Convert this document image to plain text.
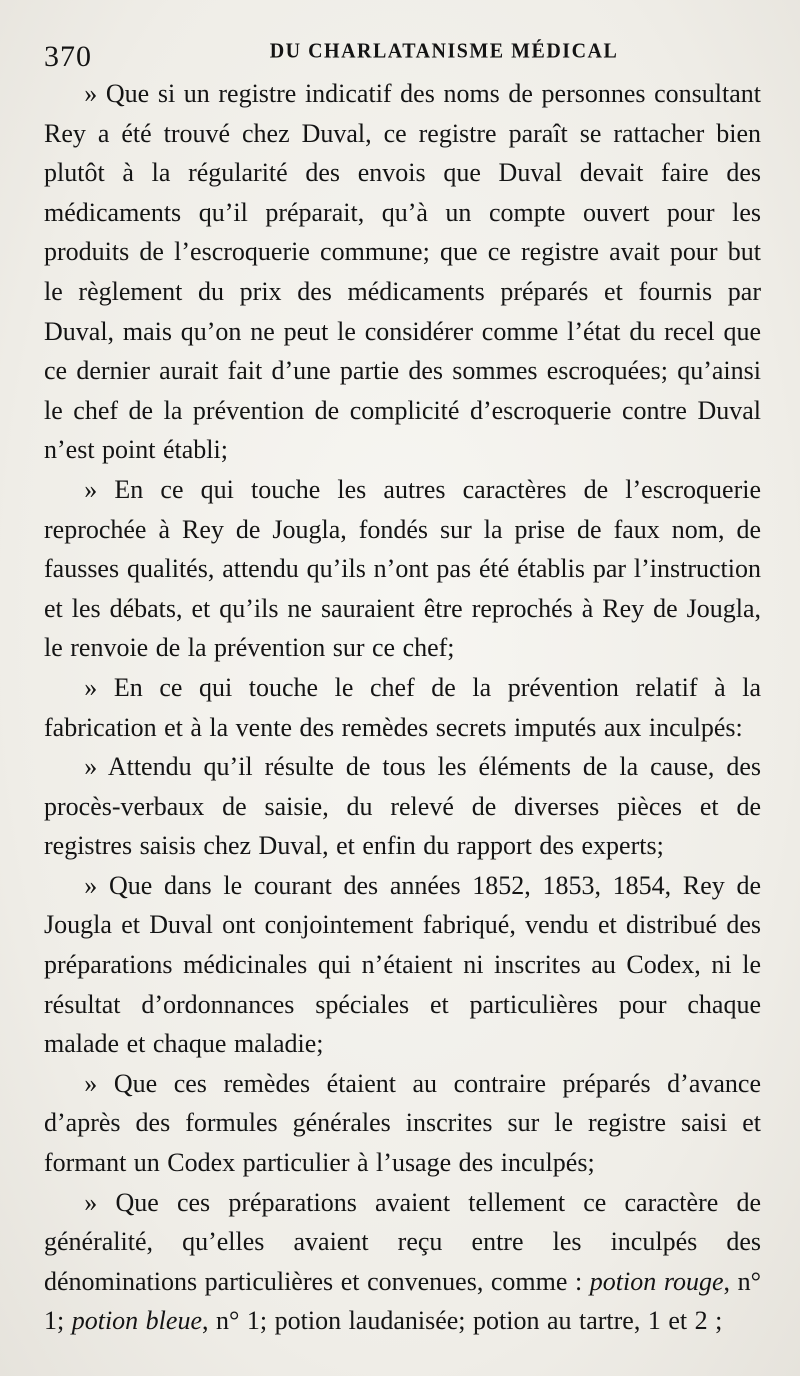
370	DU CHARLATANISME MÉDICAL

» Que si un registre indicatif des noms de personnes consultant Rey a été trouvé chez Duval, ce registre paraît se rattacher bien plutôt à la régularité des envois que Duval devait faire des médicaments qu’il préparait, qu’à un compte ouvert pour les produits de l’escroquerie commune; que ce registre avait pour but le règlement du prix des médicaments préparés et fournis par Duval, mais qu’on ne peut le considérer comme l’état du recel que ce dernier aurait fait d’une partie des sommes escroquées; qu’ainsi le chef de la prévention de complicité d’escroquerie contre Duval n’est point établi;

» En ce qui touche les autres caractères de l’escroquerie reprochée à Rey de Jougla, fondés sur la prise de faux nom, de fausses qualités, attendu qu’ils n’ont pas été établis par l’instruction et les débats, et qu’ils ne sauraient être reprochés à Rey de Jougla, le renvoie de la prévention sur ce chef;

» En ce qui touche le chef de la prévention relatif à la fabrication et à la vente des remèdes secrets imputés aux inculpés:

» Attendu qu’il résulte de tous les éléments de la cause, des procès-verbaux de saisie, du relevé de diverses pièces et de registres saisis chez Duval, et enfin du rapport des experts;

» Que dans le courant des années 1852, 1853, 1854, Rey de Jougla et Duval ont conjointement fabriqué, vendu et distribué des préparations médicinales qui n’étaient ni inscrites au Codex, ni le résultat d’ordonnances spéciales et particulières pour chaque malade et chaque maladie;

» Que ces remèdes étaient au contraire préparés d’avance d’après des formules générales inscrites sur le registre saisi et formant un Codex particulier à l’usage des inculpés;

» Que ces préparations avaient tellement ce caractère de généralité, qu’elles avaient reçu entre les inculpés des dénominations particulières et convenues, comme : potion rouge, n° 1; potion bleue, n° 1; potion laudanisée; potion au tartre, 1 et 2 ;
